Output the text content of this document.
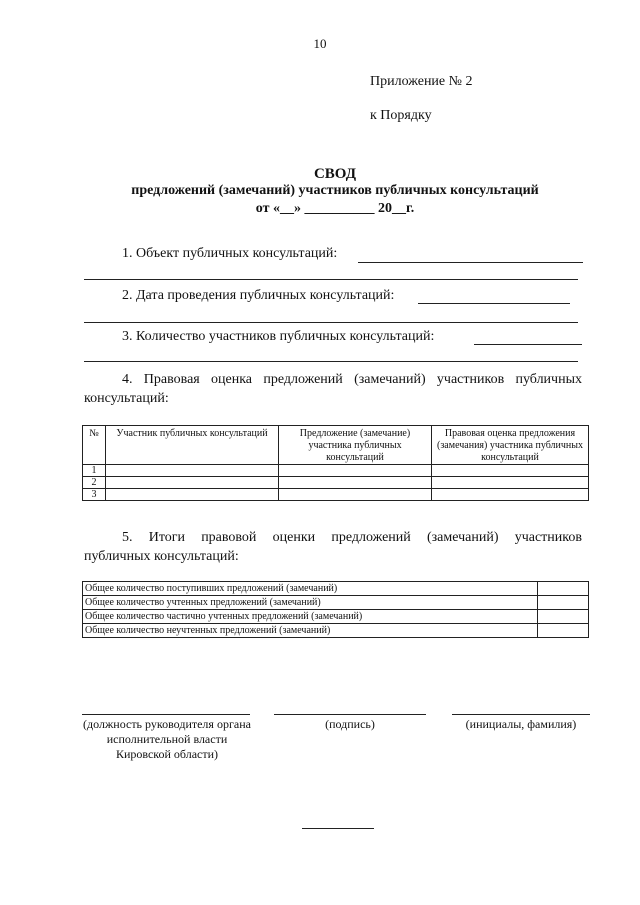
10
Приложение № 2
к Порядку
СВОД
предложений (замечаний) участников публичных консультаций
от «__» __________ 20__г.
1. Объект публичных консультаций:
2. Дата проведения публичных консультаций:
3. Количество участников публичных консультаций:
4. Правовая оценка предложений (замечаний) участников публичных
консультаций:
№	Участник публичных консультаций	Предложение (замечание) участника публичных консультаций	Правовая оценка предложения (замечания) участника публичных консультаций
1			
2			
3			
5. Итоги правовой оценки предложений (замечаний) участников
публичных консультаций:
Общее количество поступивших предложений (замечаний)	
Общее количество учтенных предложений (замечаний)	
Общее количество частично учтенных предложений (замечаний)	
Общее количество неучтенных предложений (замечаний)	
(должность руководителя органа исполнительной власти Кировской области)
(подпись)	(инициалы, фамилия)
